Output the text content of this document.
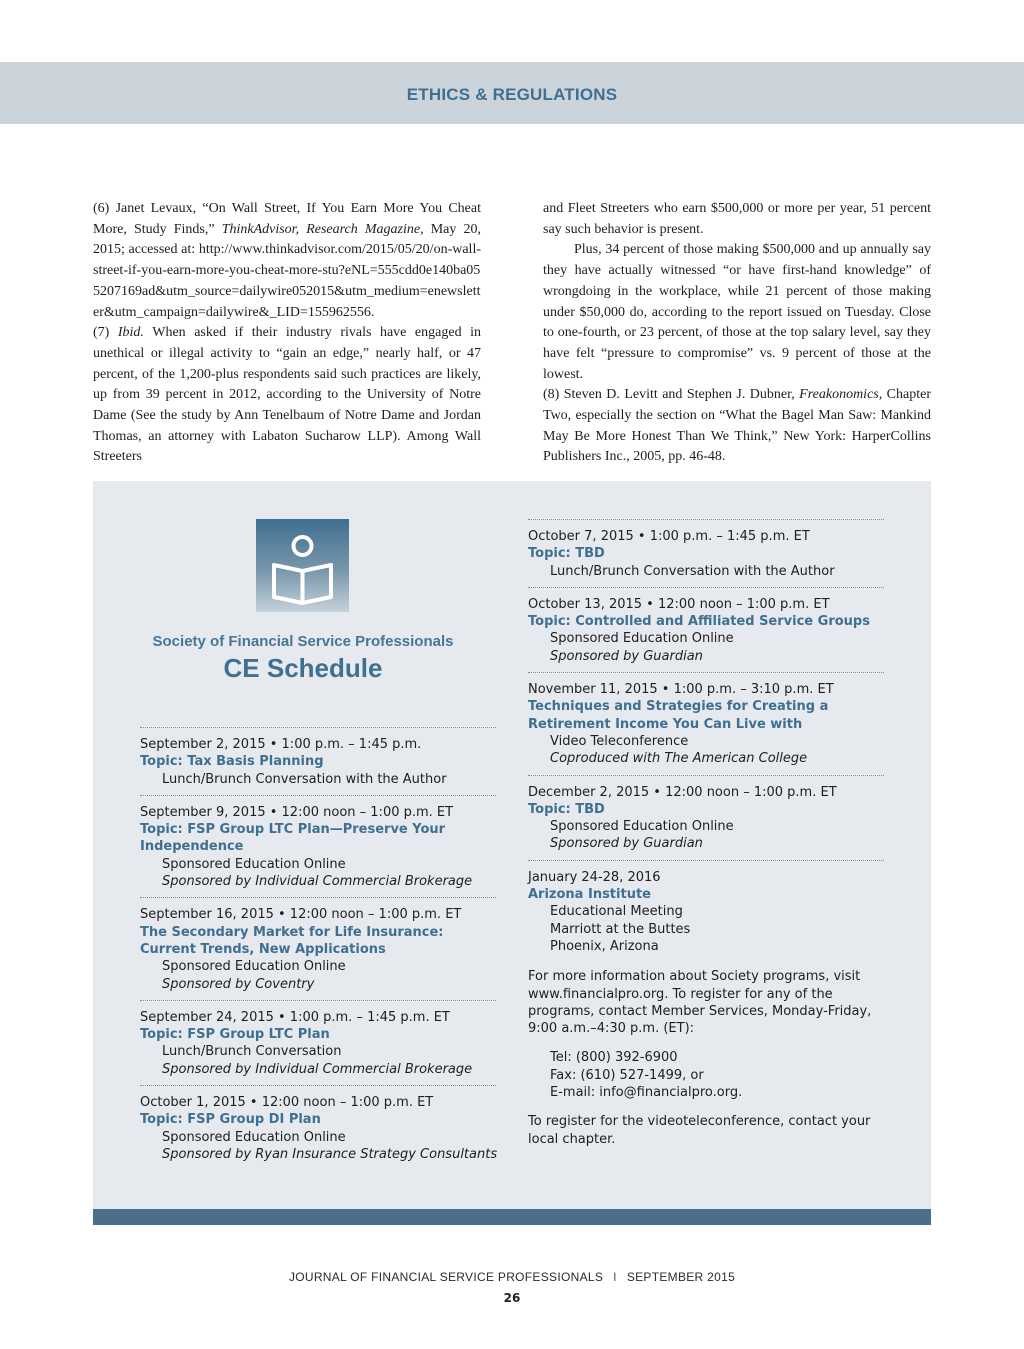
ETHICS & REGULATIONS

(6) Janet Levaux, “On Wall Street, If You Earn More You Cheat More, Study Finds,” ThinkAdvisor, Research Magazine, May 20, 2015; accessed at: http://www.thinkadvisor.com/2015/05/20/on-wall-street-if-you-earn-more-you-cheat-more-stu?eNL=555cdd0e140ba055207169ad&utm_source=dailywire052015&utm_medium=enewsletter&utm_campaign=dailywire&_LID=155962556.

(7) Ibid. When asked if their industry rivals have engaged in unethical or illegal activity to “gain an edge,” nearly half, or 47 percent, of the 1,200-plus respondents said such practices are likely, up from 39 percent in 2012, according to the University of Notre Dame (See the study by Ann Tenelbaum of Notre Dame and Jordan Thomas, an attorney with Labaton Sucharow LLP). Among Wall Streeters

and Fleet Streeters who earn $500,000 or more per year, 51 percent say such behavior is present.

Plus, 34 percent of those making $500,000 and up annually say they have actually witnessed “or have first-hand knowledge” of wrongdoing in the workplace, while 21 percent of those making under $50,000 do, according to the report issued on Tuesday. Close to one-fourth, or 23 percent, of those at the top salary level, say they have felt “pressure to compromise” vs. 9 percent of those at the lowest.

(8) Steven D. Levitt and Stephen J. Dubner, Freakonomics, Chapter Two, especially the section on “What the Bagel Man Saw: Mankind May Be More Honest Than We Think,” New York: HarperCollins Publishers Inc., 2005, pp. 46-48.

Society of Financial Service Professionals
CE Schedule
September 2, 2015 • 1:00 p.m. – 1:45 p.m.
Topic: Tax Basis Planning
Lunch/Brunch Conversation with the Author
September 9, 2015 • 12:00 noon – 1:00 p.m. ET
Topic: FSP Group LTC Plan—Preserve Your Independence
Sponsored Education Online
Sponsored by Individual Commercial Brokerage
September 16, 2015 • 12:00 noon – 1:00 p.m. ET
The Secondary Market for Life Insurance: Current Trends, New Applications
Sponsored Education Online
Sponsored by Coventry
September 24, 2015 • 1:00 p.m. – 1:45 p.m. ET
Topic: FSP Group LTC Plan
Lunch/Brunch Conversation
Sponsored by Individual Commercial Brokerage
October 1, 2015 • 12:00 noon – 1:00 p.m. ET
Topic: FSP Group DI Plan
Sponsored Education Online
Sponsored by Ryan Insurance Strategy Consultants
October 7, 2015 • 1:00 p.m. – 1:45 p.m. ET
Topic: TBD
Lunch/Brunch Conversation with the Author
October 13, 2015 • 12:00 noon – 1:00 p.m. ET
Topic: Controlled and Affiliated Service Groups
Sponsored Education Online
Sponsored by Guardian
November 11, 2015 • 1:00 p.m. – 3:10 p.m. ET
Techniques and Strategies for Creating a Retirement Income You Can Live with
Video Teleconference
Coproduced with The American College
December 2, 2015 • 12:00 noon – 1:00 p.m. ET
Topic: TBD
Sponsored Education Online
Sponsored by Guardian
January 24-28, 2016
Arizona Institute
Educational Meeting
Marriott at the Buttes
Phoenix, Arizona

For more information about Society programs, visit www.financialpro.org. To register for any of the programs, contact Member Services, Monday-Friday, 9:00 a.m.–4:30 p.m. (ET):

Tel: (800) 392-6900

Fax: (610) 527-1499, or

E-mail: info@financialpro.org.

To register for the videoteleconference, contact your local chapter.

JOURNAL OF FINANCIAL SERVICE PROFESSIONALS I SEPTEMBER 2015
26
